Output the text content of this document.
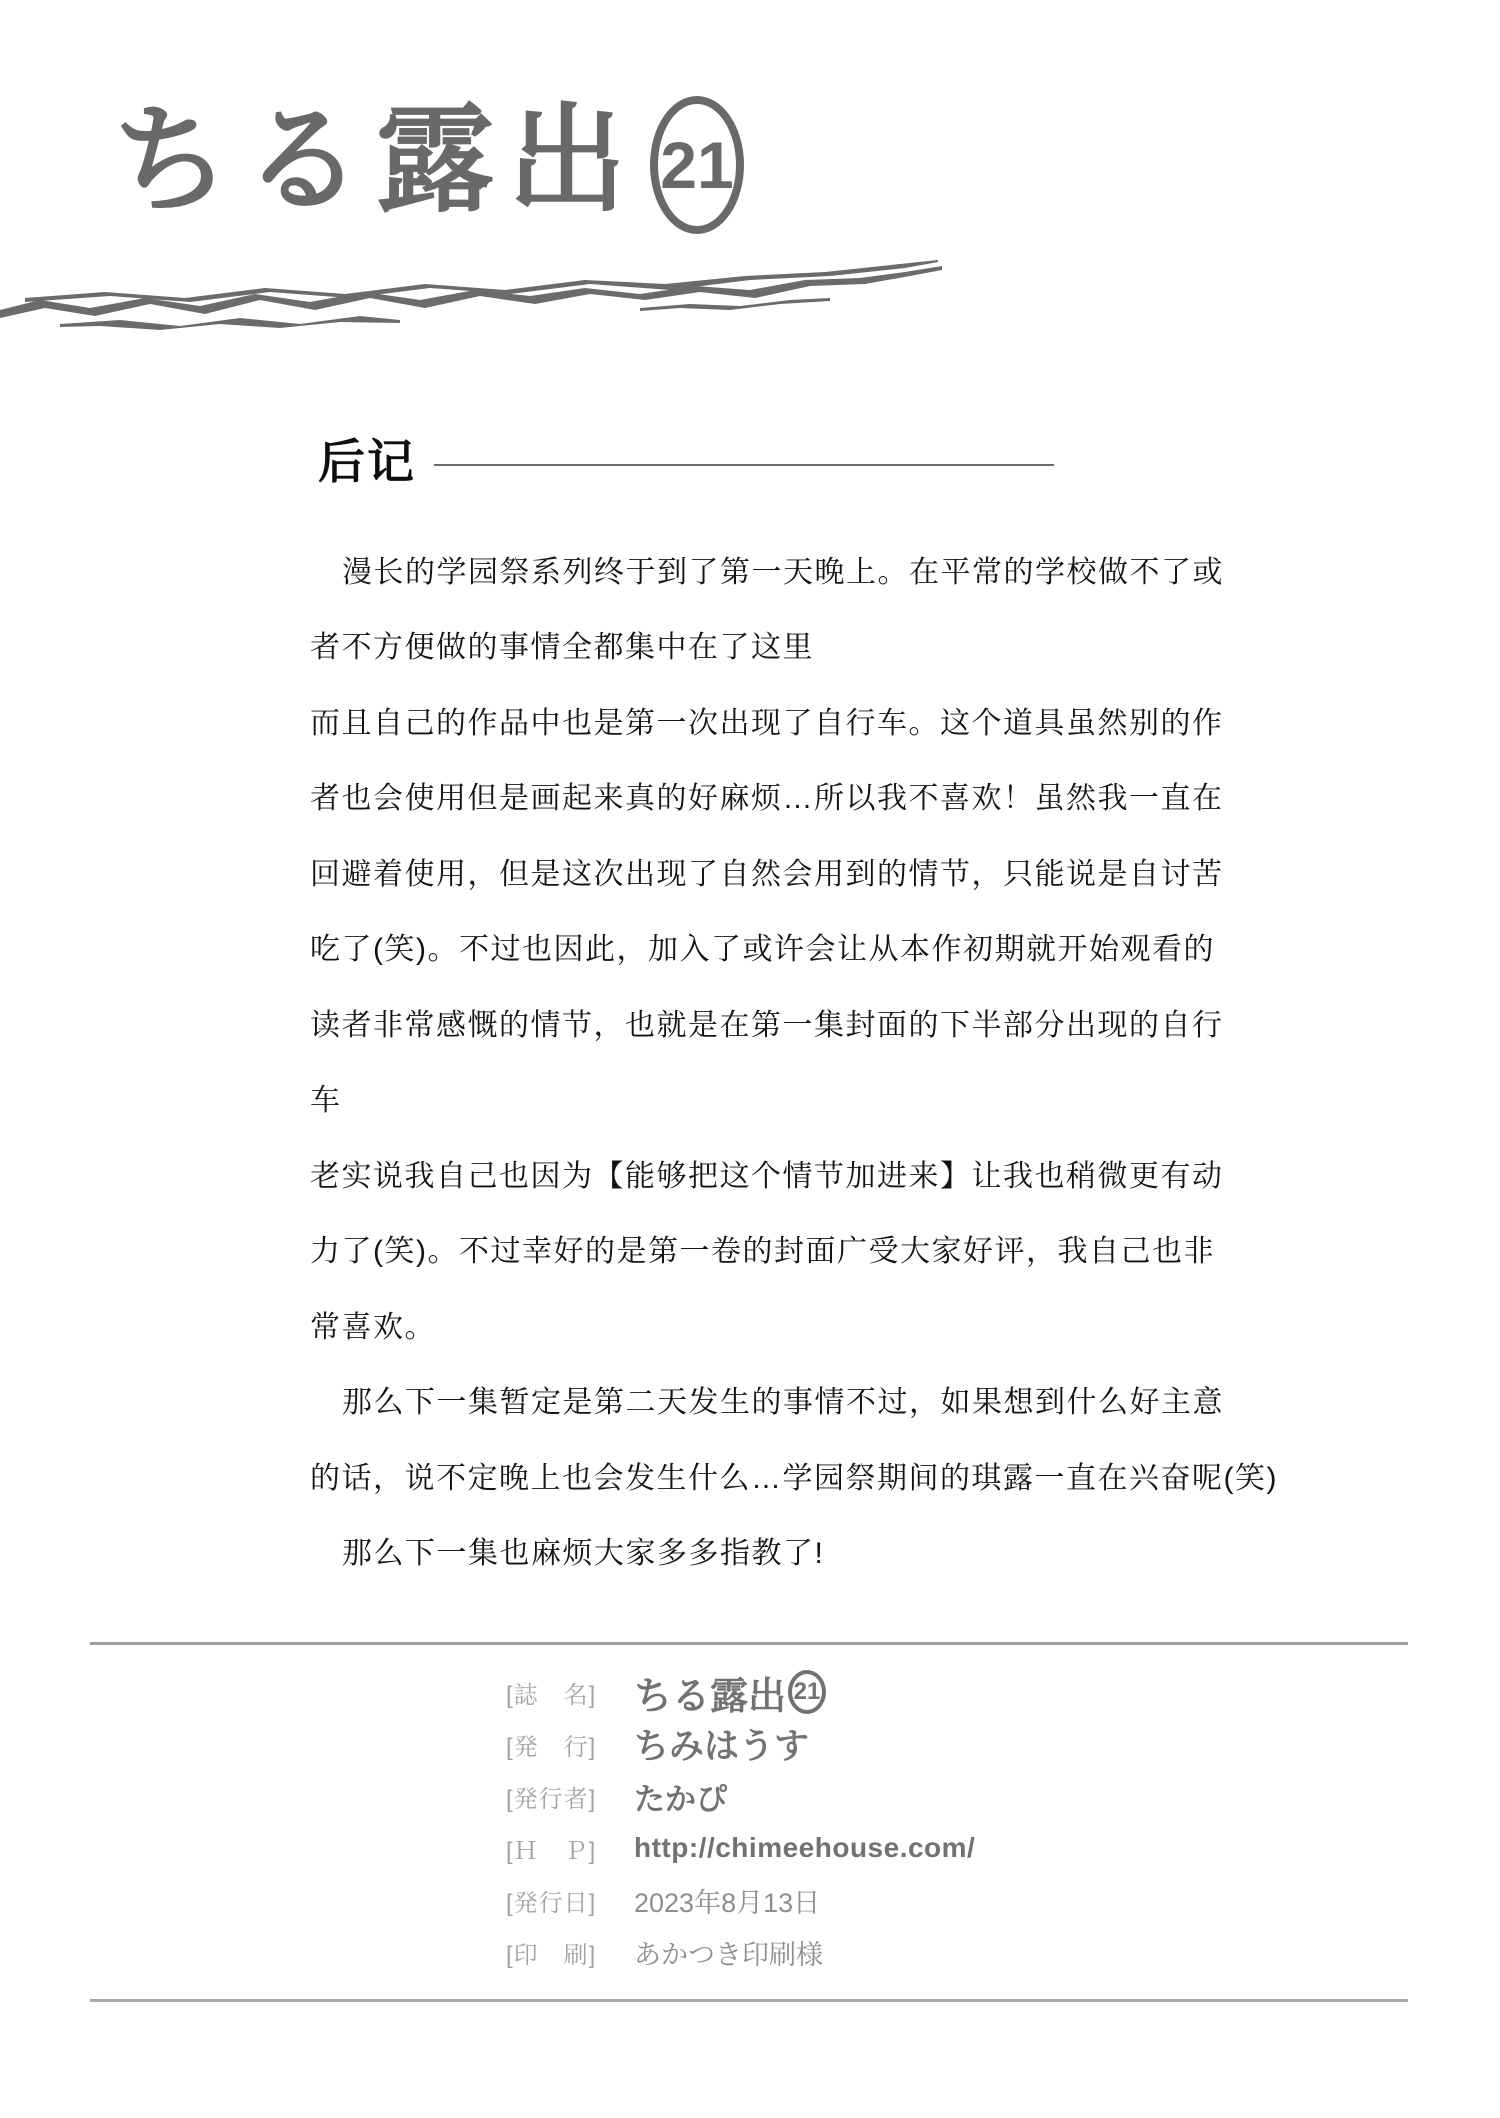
ちる露出 21
后记
漫长的学园祭系列终于到了第一天晚上。在平常的学校做不了或
者不方便做的事情全都集中在了这里
而且自己的作品中也是第一次出现了自行车。这个道具虽然别的作
者也会使用但是画起来真的好麻烦…所以我不喜欢！虽然我一直在
回避着使用，但是这次出现了自然会用到的情节，只能说是自讨苦
吃了(笑)。不过也因此，加入了或许会让从本作初期就开始观看的
读者非常感慨的情节，也就是在第一集封面的下半部分出现的自行
车
老实说我自己也因为【能够把这个情节加进来】让我也稍微更有动
力了(笑)。不过幸好的是第一卷的封面广受大家好评，我自己也非
常喜欢。
那么下一集暂定是第二天发生的事情不过，如果想到什么好主意
的话，说不定晚上也会发生什么…学园祭期间的琪露一直在兴奋呢(笑)
那么下一集也麻烦大家多多指教了!
[誌　名] ちる露出 21
[発　行]	ちみはうす
[発行者]	たかぴ
[Ｈ　Ｐ]	http://chimeehouse.com/
[発行日]	2023年8月13日
[印　刷]	あかつき印刷様
